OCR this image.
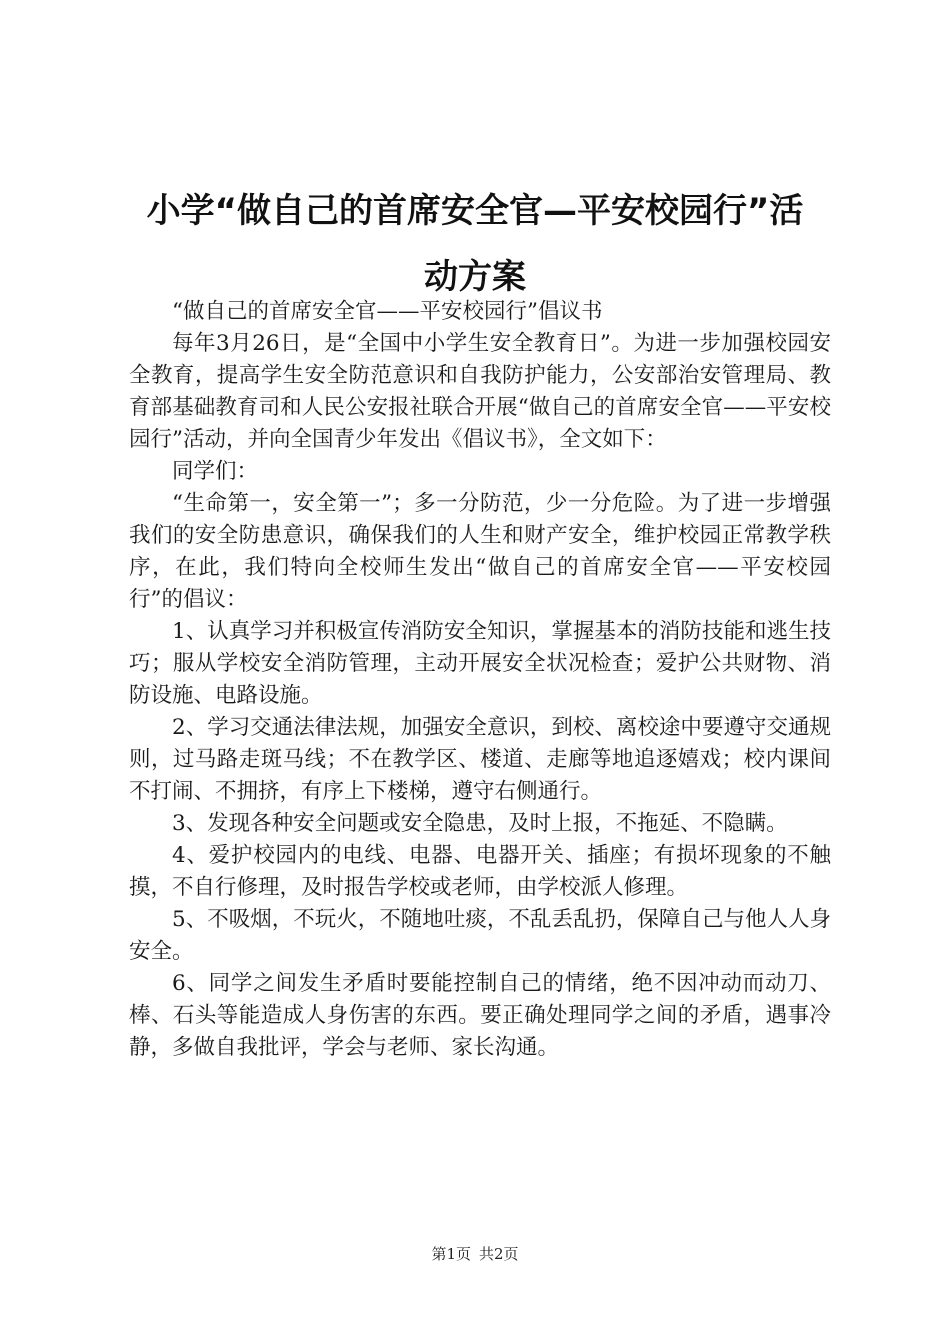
小学“做自己的首席安全官—平安校园行”活
动方案

“做自己的首席安全官——平安校园行”倡议书

每年3月26日，是“全国中小学生安全教育日”。为进一步加强校园安全教育，提高学生安全防范意识和自我防护能力，公安部治安管理局、教育部基础教育司和人民公安报社联合开展“做自己的首席安全官——平安校园行”活动，并向全国青少年发出《倡议书》，全文如下：

同学们：

“生命第一，安全第一”；多一分防范，少一分危险。为了进一步增强我们的安全防患意识，确保我们的人生和财产安全，维护校园正常教学秩序，在此，我们特向全校师生发出“做自己的首席安全官——平安校园行”的倡议：

1、认真学习并积极宣传消防安全知识，掌握基本的消防技能和逃生技巧；服从学校安全消防管理，主动开展安全状况检查；爱护公共财物、消防设施、电路设施。

2、学习交通法律法规，加强安全意识，到校、离校途中要遵守交通规则，过马路走斑马线；不在教学区、楼道、走廊等地追逐嬉戏；校内课间不打闹、不拥挤，有序上下楼梯，遵守右侧通行。

3、发现各种安全问题或安全隐患，及时上报，不拖延、不隐瞒。

4、爱护校园内的电线、电器、电器开关、插座；有损坏现象的不触摸，不自行修理，及时报告学校或老师，由学校派人修理。

5、不吸烟，不玩火，不随地吐痰，不乱丢乱扔，保障自己与他人人身安全。

6、同学之间发生矛盾时要能控制自己的情绪，绝不因冲动而动刀、棒、石头等能造成人身伤害的东西。要正确处理同学之间的矛盾，遇事冷静，多做自我批评，学会与老师、家长沟通。

第1页 共2页
